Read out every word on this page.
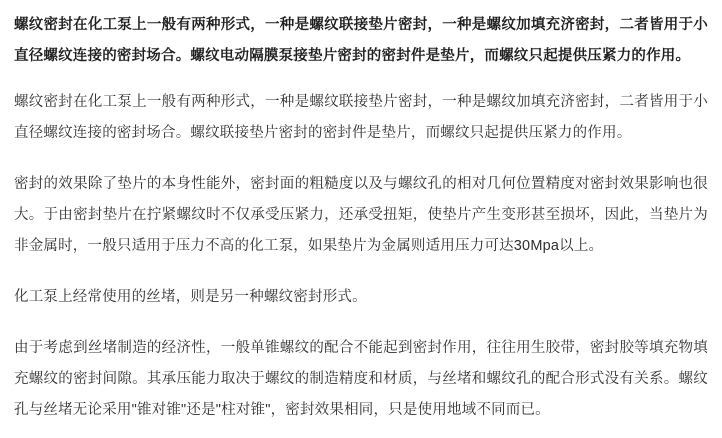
螺纹密封在化工泵上一般有两种形式，一种是螺纹联接垫片密封，一种是螺纹加填充济密封，二者皆用于小直径螺纹连接的密封场合。螺纹电动隔膜泵接垫片密封的密封件是垫片，而螺纹只起提供压紧力的作用。

螺纹密封在化工泵上一般有两种形式，一种是螺纹联接垫片密封，一种是螺纹加填充济密封，二者皆用于小直径螺纹连接的密封场合。螺纹联接垫片密封的密封件是垫片，而螺纹只起提供压紧力的作用。

密封的效果除了垫片的本身性能外，密封面的粗糙度以及与螺纹孔的相对几何位置精度对密封效果影响也很大。于由密封垫片在拧紧螺纹时不仅承受压紧力，还承受扭矩，使垫片产生变形甚至损坏，因此，当垫片为非金属时，一般只适用于压力不高的化工泵，如果垫片为金属则适用压力可达30Mpa以上。

化工泵上经常使用的丝堵，则是另一种螺纹密封形式。

由于考虑到丝堵制造的经济性，一般单锥螺纹的配合不能起到密封作用，往往用生胶带，密封胶等填充物填充螺纹的密封间隙。其承压能力取决于螺纹的制造精度和材质，与丝堵和螺纹孔的配合形式没有关系。螺纹孔与丝堵无论采用"锥对锥"还是"柱对锥"，密封效果相同，只是使用地域不同而已。
